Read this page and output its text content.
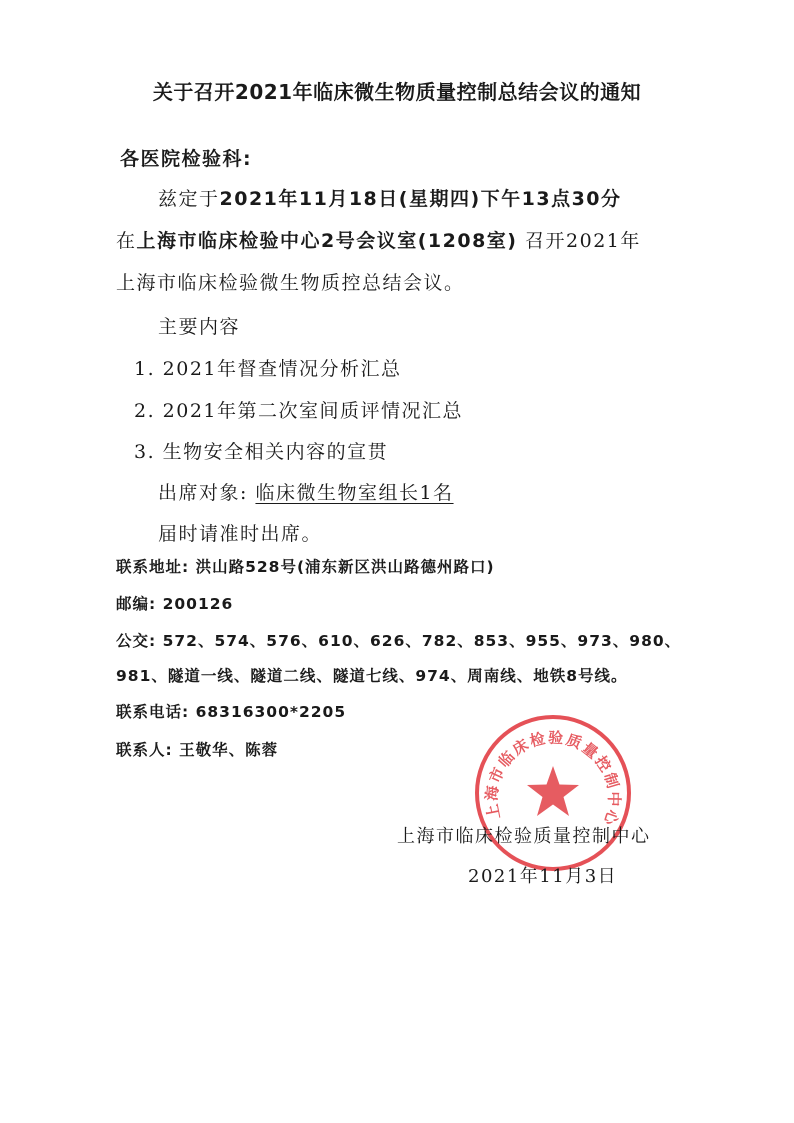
关于召开2021年临床微生物质量控制总结会议的通知
各医院检验科:
兹定于2021年11月18日(星期四)下午13点30分
在上海市临床检验中心2号会议室(1208室) 召开2021年
上海市临床检验微生物质控总结会议。
主要内容
1. 2021年督查情况分析汇总
2. 2021年第二次室间质评情况汇总
3. 生物安全相关内容的宣贯
出席对象: 临床微生物室组长1名
届时请准时出席。
联系地址: 洪山路528号(浦东新区洪山路德州路口)
邮编: 200126
公交: 572、574、576、610、626、782、853、955、973、980、
981、隧道一线、隧道二线、隧道七线、974、周南线、地铁8号线。
联系电话: 68316300*2205
联系人: 王敬华、陈蓉
上海市临床检验质量控制中心
上海市临床检验质量控制中心
2021年11月3日
